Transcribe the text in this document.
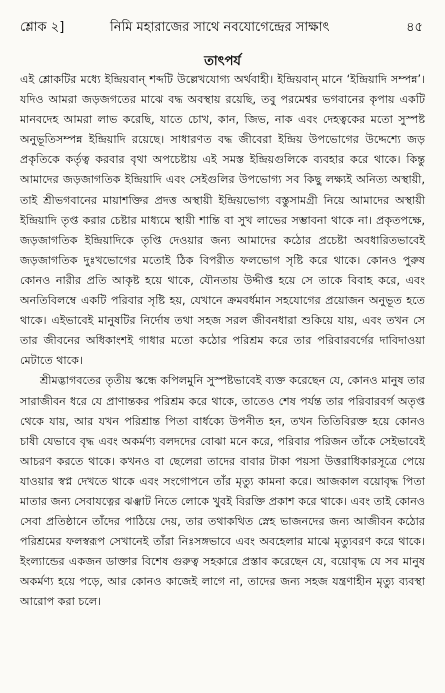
শ্লোক ২]	নিমি মহারাজের সাথে নবযোগেন্দ্রের সাক্ষাৎ	৪৫
তাৎপর্য

এই শ্লোকটির মধ্যে ইন্দ্রিয়বান্‌ শব্দটি উল্লেখযোগ্য অর্থবাহী। ইন্দ্রিয়বান্‌ মানে ‘ইন্দ্রিয়াদি সম্পন্ন’। যদিও আমরা জড়জগতের মাঝে বদ্ধ অবস্থায় রয়েছি, তবু পরমেশ্বর ভগবানের কৃপায় একটি মানবদেহ আমরা লাভ করেছি, যাতে চোখ, কান, জিভ, নাক এবং দেহত্বকের মতো সুস্পষ্ট অনুভূতিসম্পন্ন ইন্দ্রিয়াদি রয়েছে। সাধারণত বদ্ধ জীবেরা ইন্দ্রিয় উপভোগের উদ্দেশ্যে জড় প্রকৃতিকে কর্তৃত্ব করবার বৃথা অপচেষ্টায় এই সমস্ত ইন্দ্রিয়গুলিকে ব্যবহার করে থাকে। কিন্তু আমাদের জড়জাগতিক ইন্দ্রিয়াদি এবং সেইগুলির উপভোগ্য সব কিছু লক্ষ্যই অনিত্য অস্থায়ী, তাই শ্রীভগবানের মায়াশক্তির প্রদত্ত অস্থায়ী ইন্দ্রিয়ভোগ্য বস্তুসামগ্রী নিয়ে আমাদের অস্থায়ী ইন্দ্রিয়াদি তৃপ্ত করার চেষ্টার মাধ্যমে স্থায়ী শান্তি বা সুখ লাভের সম্ভাবনা থাকে না। প্রকৃতপক্ষে, জড়জাগতিক ইন্দ্রিয়াদিকে তৃপ্তি দেওয়ার জন্য আমাদের কঠোর প্রচেষ্টা অবধারিতভাবেই জড়জাগতিক দুঃখভোগের মতোই ঠিক বিপরীত ফলভোগ সৃষ্টি করে থাকে। কোনও পুরুষ কোনও নারীর প্রতি আকৃষ্ট হয়ে থাকে, যৌনতায় উদ্দীপ্ত হয়ে সে তাকে বিবাহ করে, এবং অনতিবিলম্বে একটি পরিবার সৃষ্টি হয়, যেখানে ক্রমবর্ধমান সহযোগের প্রয়োজন অনুভূত হতে থাকে। এইভাবেই মানুষটির নির্দোষ তথা সহজ সরল জীবনধারা শুকিয়ে যায়, এবং তখন সে তার জীবনের অধিকাংশই গাধার মতো কঠোর পরিশ্রম করে তার পরিবারবর্গের দাবিদাওয়া মেটাতে থাকে।

শ্রীমদ্ভাগবতের তৃতীয় স্কন্ধে কপিলমুনি সুস্পষ্টভাবেই ব্যক্ত করেছেন যে, কোনও মানুষ তার সারাজীবন ধরে যে প্রাণান্তকর পরিশ্রম করে থাকে, তাতেও শেষ পর্যন্ত তার পরিবারবর্গ অতৃপ্ত থেকে যায়, আর যখন পরিশ্রান্ত পিতা বার্ধক্যে উপনীত হন, তখন তিতিবিরক্ত হয়ে কোনও চাষী যেভাবে বৃদ্ধ এবং অকর্মণ্য বলদদের বোঝা মনে করে, পরিবার পরিজন তাঁকে সেইভাবেই আচরণ করতে থাকে। কখনও বা ছেলেরা তাদের বাবার টাকা পয়সা উত্তরাধিকারসূত্রে পেয়ে যাওয়ার স্বপ্ন দেখতে থাকে এবং সংগোপনে তাঁর মৃত্যু কামনা করে। আজকাল বয়োবৃদ্ধ পিতা মাতার জন্য সেবাযত্নের ঝঞ্ঝাট নিতে লোকে খুবই বিরক্তি প্রকাশ করে থাকে। এবং তাই কোনও সেবা প্রতিষ্ঠানে তাঁদের পাঠিয়ে দেয়, তার তথাকথিত স্নেহ ভাজনদের জন্য আজীবন কঠোর পরিশ্রমের ফলস্বরূপ সেখানেই তাঁরা নিঃসঙ্গভাবে এবং অবহেলার মাঝে মৃত্যুবরণ করে থাকে। ইংল্যান্ডের একজন ডাক্তার বিশেষ গুরুত্ব সহকারে প্রস্তাব করেছেন যে, বয়োবৃদ্ধ যে সব মানুষ অকর্মণ্য হয়ে পড়ে, আর কোনও কাজেই লাগে না, তাদের জন্য সহজ যন্ত্রণাহীন মৃত্যু ব্যবস্থা আরোপ করা চলে।
